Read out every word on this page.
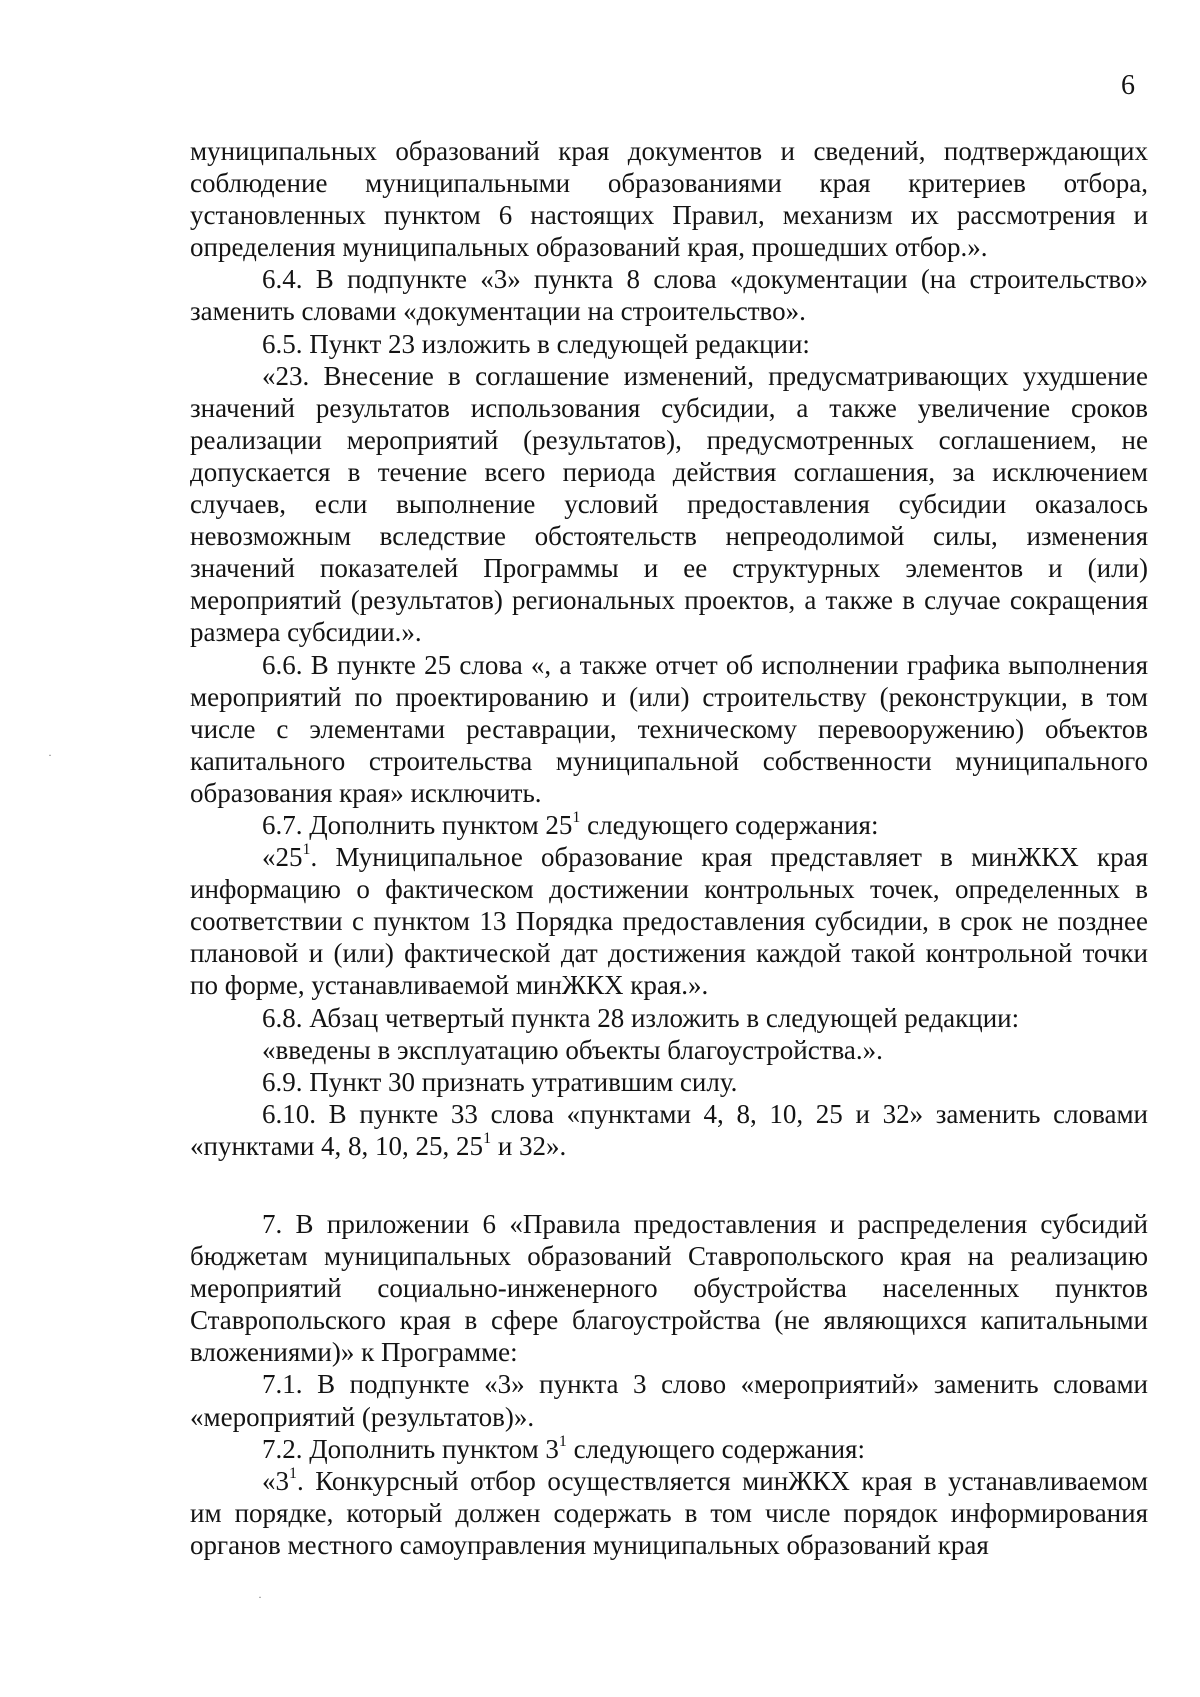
6

муниципальных образований края документов и сведений, подтверждающих соблюдение муниципальными образованиями края критериев отбора, установленных пунктом 6 настоящих Правил, механизм их рассмотрения и определения муниципальных образований края, прошедших отбор.».

6.4. В подпункте «3» пункта 8 слова «документации (на строительство» заменить словами «документации на строительство».

6.5. Пункт 23 изложить в следующей редакции:

«23. Внесение в соглашение изменений, предусматривающих ухудшение значений результатов использования субсидии, а также увеличение сроков реализации мероприятий (результатов), предусмотренных соглашением, не допускается в течение всего периода действия соглашения, за исключением случаев, если выполнение условий предоставления субсидии оказалось невозможным вследствие обстоятельств непреодолимой силы, изменения значений показателей Программы и ее структурных элементов и (или) мероприятий (результатов) региональных проектов, а также в случае сокращения размера субсидии.».

6.6. В пункте 25 слова «, а также отчет об исполнении графика выполнения мероприятий по проектированию и (или) строительству (реконструкции, в том числе с элементами реставрации, техническому перевооружению) объектов капитального строительства муниципальной собственности муниципального образования края» исключить.

6.7. Дополнить пунктом $25^1$ следующего содержания:

«$25^1$. Муниципальное образование края представляет в минЖКХ края информацию о фактическом достижении контрольных точек, определенных в соответствии с пунктом 13 Порядка предоставления субсидии, в срок не позднее плановой и (или) фактической дат достижения каждой такой контрольной точки по форме, устанавливаемой минЖКХ края.».

6.8. Абзац четвертый пункта 28 изложить в следующей редакции:

«введены в эксплуатацию объекты благоустройства.».

6.9. Пункт 30 признать утратившим силу.

6.10. В пункте 33 слова «пунктами 4, 8, 10, 25 и 32» заменить словами «пунктами 4, 8, 10, 25, $25^1$ и 32».

7. В приложении 6 «Правила предоставления и распределения субсидий бюджетам муниципальных образований Ставропольского края на реализацию мероприятий социально-инженерного обустройства населенных пунктов Ставропольского края в сфере благоустройства (не являющихся капитальными вложениями)» к Программе:

7.1. В подпункте «3» пункта 3 слово «мероприятий» заменить словами «мероприятий (результатов)».

7.2. Дополнить пунктом $3^1$ следующего содержания:

«$3^1$. Конкурсный отбор осуществляется минЖКХ края в устанавливаемом им порядке, который должен содержать в том числе порядок информирования органов местного самоуправления муниципальных образований края

·
·
